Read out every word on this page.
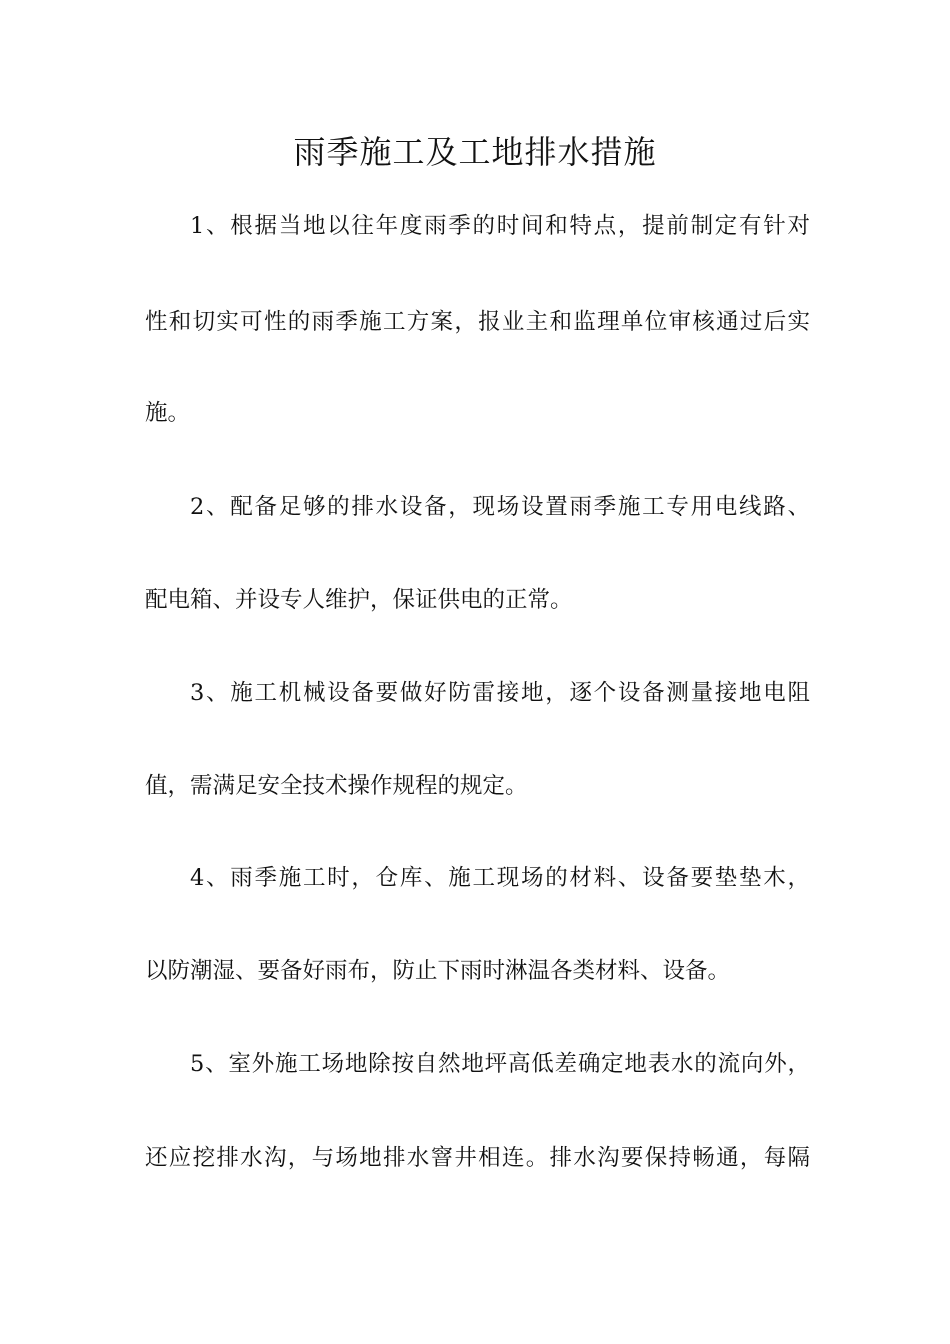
雨季施工及工地排水措施
1、根据当地以往年度雨季的时间和特点，提前制定有针对
性和切实可性的雨季施工方案，报业主和监理单位审核通过后实
施。
2、配备足够的排水设备，现场设置雨季施工专用电线路、
配电箱、并设专人维护，保证供电的正常。
3、施工机械设备要做好防雷接地，逐个设备测量接地电阻
值，需满足安全技术操作规程的规定。
4、雨季施工时，仓库、施工现场的材料、设备要垫垫木，
以防潮湿、要备好雨布，防止下雨时淋温各类材料、设备。
5、室外施工场地除按自然地坪高低差确定地表水的流向外，
还应挖排水沟，与场地排水窨井相连。排水沟要保持畅通，每隔
